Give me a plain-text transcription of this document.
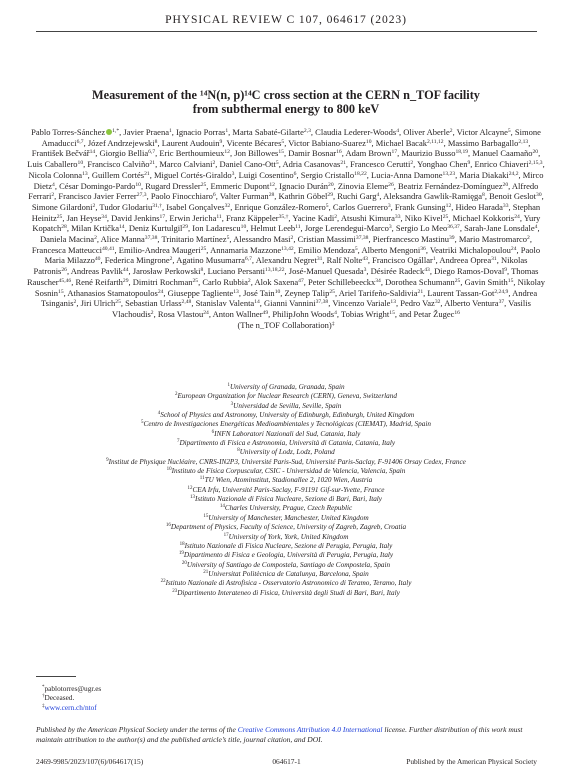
PHYSICAL REVIEW C 107, 064617 (2023)
Measurement of the ¹⁴N(n, p)¹⁴C cross section at the CERN n_TOF facility
from subthermal energy to 800 keV
Pablo Torres-Sánchez $^{1,*}$, Javier Praena$^1$, Ignacio Porras$^1$, Marta Sabaté-Gilarte$^{2,3}$, Claudia Lederer-Woods$^4$, Oliver Aberle$^2$, Victor Alcayne$^5$, Simone Amaducci$^{6,7}$, Józef Andrzejewski$^8$, Laurent Audouin$^9$, Vicente Bécares$^5$, Victor Babiano-Suarez$^{10}$, Michael Bacak$^{2,11,12}$, Massimo Barbagallo$^{2,13}$, František Bečvář$^{14}$, Giorgio Bellia$^{6,7}$, Eric Berthoumieux$^{12}$, Jon Billowes$^{15}$, Damir Bosnar$^{16}$, Adam Brown$^{17}$, Maurizio Busso$^{18,19}$, Manuel Caamaño$^{20}$, Luis Caballero$^{10}$, Francisco Calviño$^{21}$, Marco Calviani$^2$, Daniel Cano-Ott$^5$, Adria Casanovas$^{21}$, Francesco Cerutti$^2$, Yonghao Chen$^9$, Enrico Chiaveri$^{2,15,3}$, Nicola Colonna$^{13}$, Guillem Cortés$^{21}$, Miguel Cortés-Giraldo$^3$, Luigi Cosentino$^6$, Sergio Cristallo$^{18,22}$, Lucia-Anna Damone$^{13,23}$, Maria Diakaki$^{24,2}$, Mirco Dietz$^4$, César Domingo-Pardo$^{10}$, Rugard Dressler$^{25}$, Emmeric Dupont$^{12}$, Ignacio Durán$^{20}$, Zinovia Eleme$^{26}$, Beatriz Fernández-Domínguez$^{20}$, Alfredo Ferrari$^2$, Francisco Javier Ferrer$^{27,3}$, Paolo Finocchiaro$^6$, Valter Furman$^{28}$, Kathrin Göbel$^{29}$, Ruchi Garg$^4$, Aleksandra Gawlik-Ramięga$^8$, Benoit Geslot$^{30}$, Simone Gilardoni$^2$, Tudor Glodariu$^{31,\dagger}$, Isabel Gonçalves$^{32}$, Enrique González-Romero$^5$, Carlos Guerrero$^3$, Frank Gunsing$^{12}$, Hideo Harada$^{33}$, Stephan Heinitz$^{25}$, Jan Heyse$^{34}$, David Jenkins$^{17}$, Erwin Jericha$^{11}$, Franz Käppeler$^{35,\dagger}$, Yacine Kadi$^2$, Atsushi Kimura$^{33}$, Niko Kivel$^{25}$, Michael Kokkoris$^{24}$, Yury Kopatch$^{28}$, Milan Krtička$^{14}$, Deniz Kurtulgil$^{29}$, Ion Ladarescu$^{10}$, Helmut Leeb$^{11}$, Jorge Lerendegui-Marco$^3$, Sergio Lo Meo$^{36,37}$, Sarah-Jane Lonsdale$^4$, Daniela Macina$^2$, Alice Manna$^{37,38}$, Trinitario Martínez$^5$, Alessandro Masi$^2$, Cristian Massimi$^{37,38}$, Pierfrancesco Mastinu$^{39}$, Mario Mastromarco$^2$, Francesca Matteucci$^{40,41}$, Emilio-Andrea Maugeri$^{25}$, Annamaria Mazzone$^{13,42}$, Emilio Mendoza$^5$, Alberto Mengoni$^{36}$, Veatriki Michalopoulou$^{24}$, Paolo Maria Milazzo$^{40}$, Federica Mingrone$^2$, Agatino Musumarra$^{6,7}$, Alexandru Negret$^{31}$, Ralf Nolte$^{43}$, Francisco Ogállar$^1$, Andreea Oprea$^{31}$, Nikolas Patronis$^{26}$, Andreas Pavlik$^{44}$, Jarosław Perkowski$^8$, Luciano Persanti$^{13,18,22}$, José-Manuel Quesada$^3$, Désirée Radeck$^{43}$, Diego Ramos-Doval$^9$, Thomas Rauscher$^{45,46}$, René Reifarth$^{29}$, Dimitri Rochman$^{25}$, Carlo Rubbia$^2$, Alok Saxena$^{47}$, Peter Schillebeeckx$^{34}$, Dorothea Schumann$^{25}$, Gavin Smith$^{15}$, Nikolay Sosnin$^{15}$, Athanasios Stamatopoulos$^{24}$, Giuseppe Tagliente$^{13}$, José Tain$^{10}$, Zeynep Talip$^{25}$, Ariel Tarifeño-Saldivia$^{21}$, Laurent Tassan-Got$^{2,24,9}$, Andrea Tsinganis$^2$, Jiri Ulrich$^{25}$, Sebastian Urlass$^{2,48}$, Stanislav Valenta$^{14}$, Gianni Vannini$^{37,38}$, Vincenzo Variale$^{13}$, Pedro Vaz$^{32}$, Alberto Ventura$^{37}$, Vasilis Vlachoudis$^2$, Rosa Vlastou$^{24}$, Anton Wallner$^{49}$, PhilipJohn Woods$^4$, Tobias Wright$^{15}$, and Petar Žugec$^{16}$
(The n_TOF Collaboration)‡
$^1$University of Granada, Granada, Spain
$^2$European Organization for Nuclear Research (CERN), Geneva, Switzerland
$^3$Universidad de Sevilla, Seville, Spain
$^4$School of Physics and Astronomy, University of Edinburgh, Edinburgh, United Kingdom
$^5$Centro de Investigaciones Energéticas Medioambientales y Tecnológicas (CIEMAT), Madrid, Spain
$^6$INFN Laboratori Nazionali del Sud, Catania, Italy
$^7$Dipartimento di Fisica e Astronomia, Università di Catania, Catania, Italy
$^8$University of Lodz, Lodz, Poland
$^9$Institut de Physique Nucléaire, CNRS-IN2P3, Université Paris-Sud, Université Paris-Saclay, F-91406 Orsay Cedex, France
$^{10}$Instituto de Física Corpuscular, CSIC - Universidad de Valencia, Valencia, Spain
$^{11}$TU Wien, Atominstitut, Stadionallee 2, 1020 Wien, Austria
$^{12}$CEA Irfu, Université Paris-Saclay, F-91191 Gif-sur-Yvette, France
$^{13}$Istituto Nazionale di Fisica Nucleare, Sezione di Bari, Bari, Italy
$^{14}$Charles University, Prague, Czech Republic
$^{15}$University of Manchester, Manchester, United Kingdom
$^{16}$Department of Physics, Faculty of Science, University of Zagreb, Zagreb, Croatia
$^{17}$University of York, York, United Kingdom
$^{18}$Istituto Nazionale di Fisica Nucleare, Sezione di Perugia, Perugia, Italy
$^{19}$Dipartimento di Fisica e Geologia, Università di Perugia, Perugia, Italy
$^{20}$University of Santiago de Compostela, Santiago de Compostela, Spain
$^{21}$Universitat Politècnica de Catalunya, Barcelona, Spain
$^{22}$Istituto Nazionale di Astrofisica - Osservatorio Astronomico di Teramo, Teramo, Italy
$^{23}$Dipartimento Interateneo di Fisica, Università degli Studi di Bari, Bari, Italy
*pablotorres@ugr.es
†Deceased.
‡www.cern.ch/ntof
Published by the American Physical Society under the terms of the Creative Commons Attribution 4.0 International license. Further distribution of this work must maintain attribution to the author(s) and the published article’s title, journal citation, and DOI.
2469-9985/2023/107(6)/064617(15)	064617-1	Published by the American Physical Society
